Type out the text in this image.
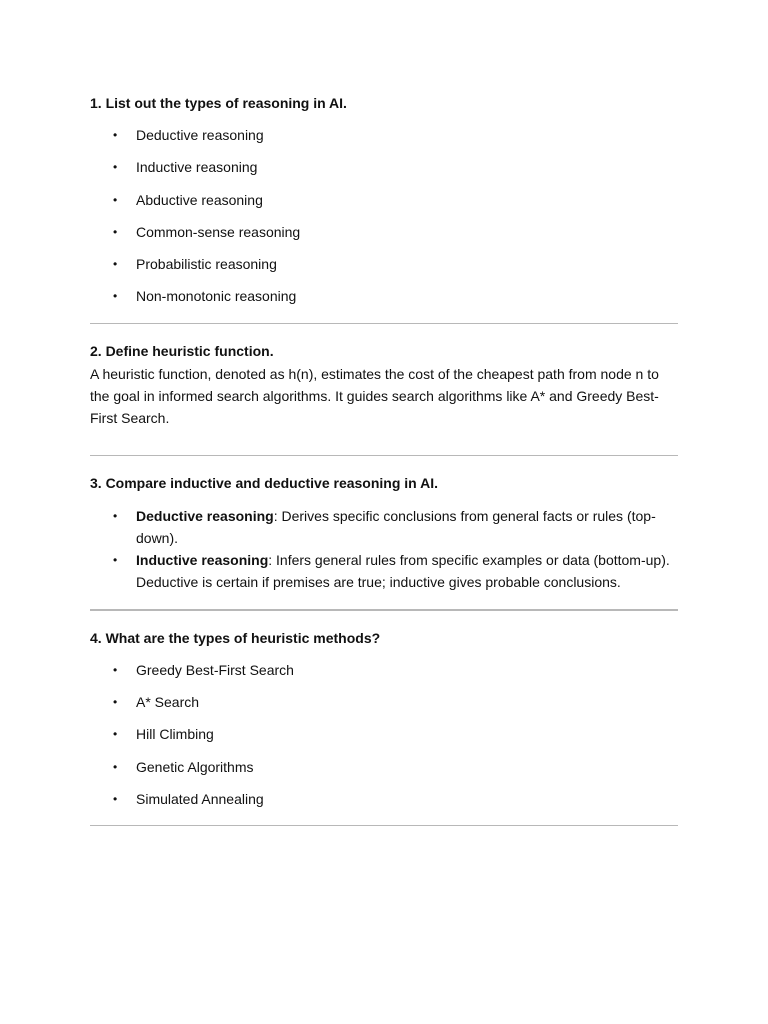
1. List out the types of reasoning in AI.

• Deductive reasoning
• Inductive reasoning
• Abductive reasoning
• Common-sense reasoning
• Probabilistic reasoning
• Non-monotonic reasoning

2. Define heuristic function.

A heuristic function, denoted as h(n), estimates the cost of the cheapest path from node n to the goal in informed search algorithms. It guides search algorithms like A* and Greedy Best-First Search.

3. Compare inductive and deductive reasoning in AI.

• Deductive reasoning: Derives specific conclusions from general facts or rules (top-down).
• Inductive reasoning: Infers general rules from specific examples or data (bottom-up).
Deductive is certain if premises are true; inductive gives probable conclusions.

4. What are the types of heuristic methods?

• Greedy Best-First Search
• A* Search
• Hill Climbing
• Genetic Algorithms
• Simulated Annealing
